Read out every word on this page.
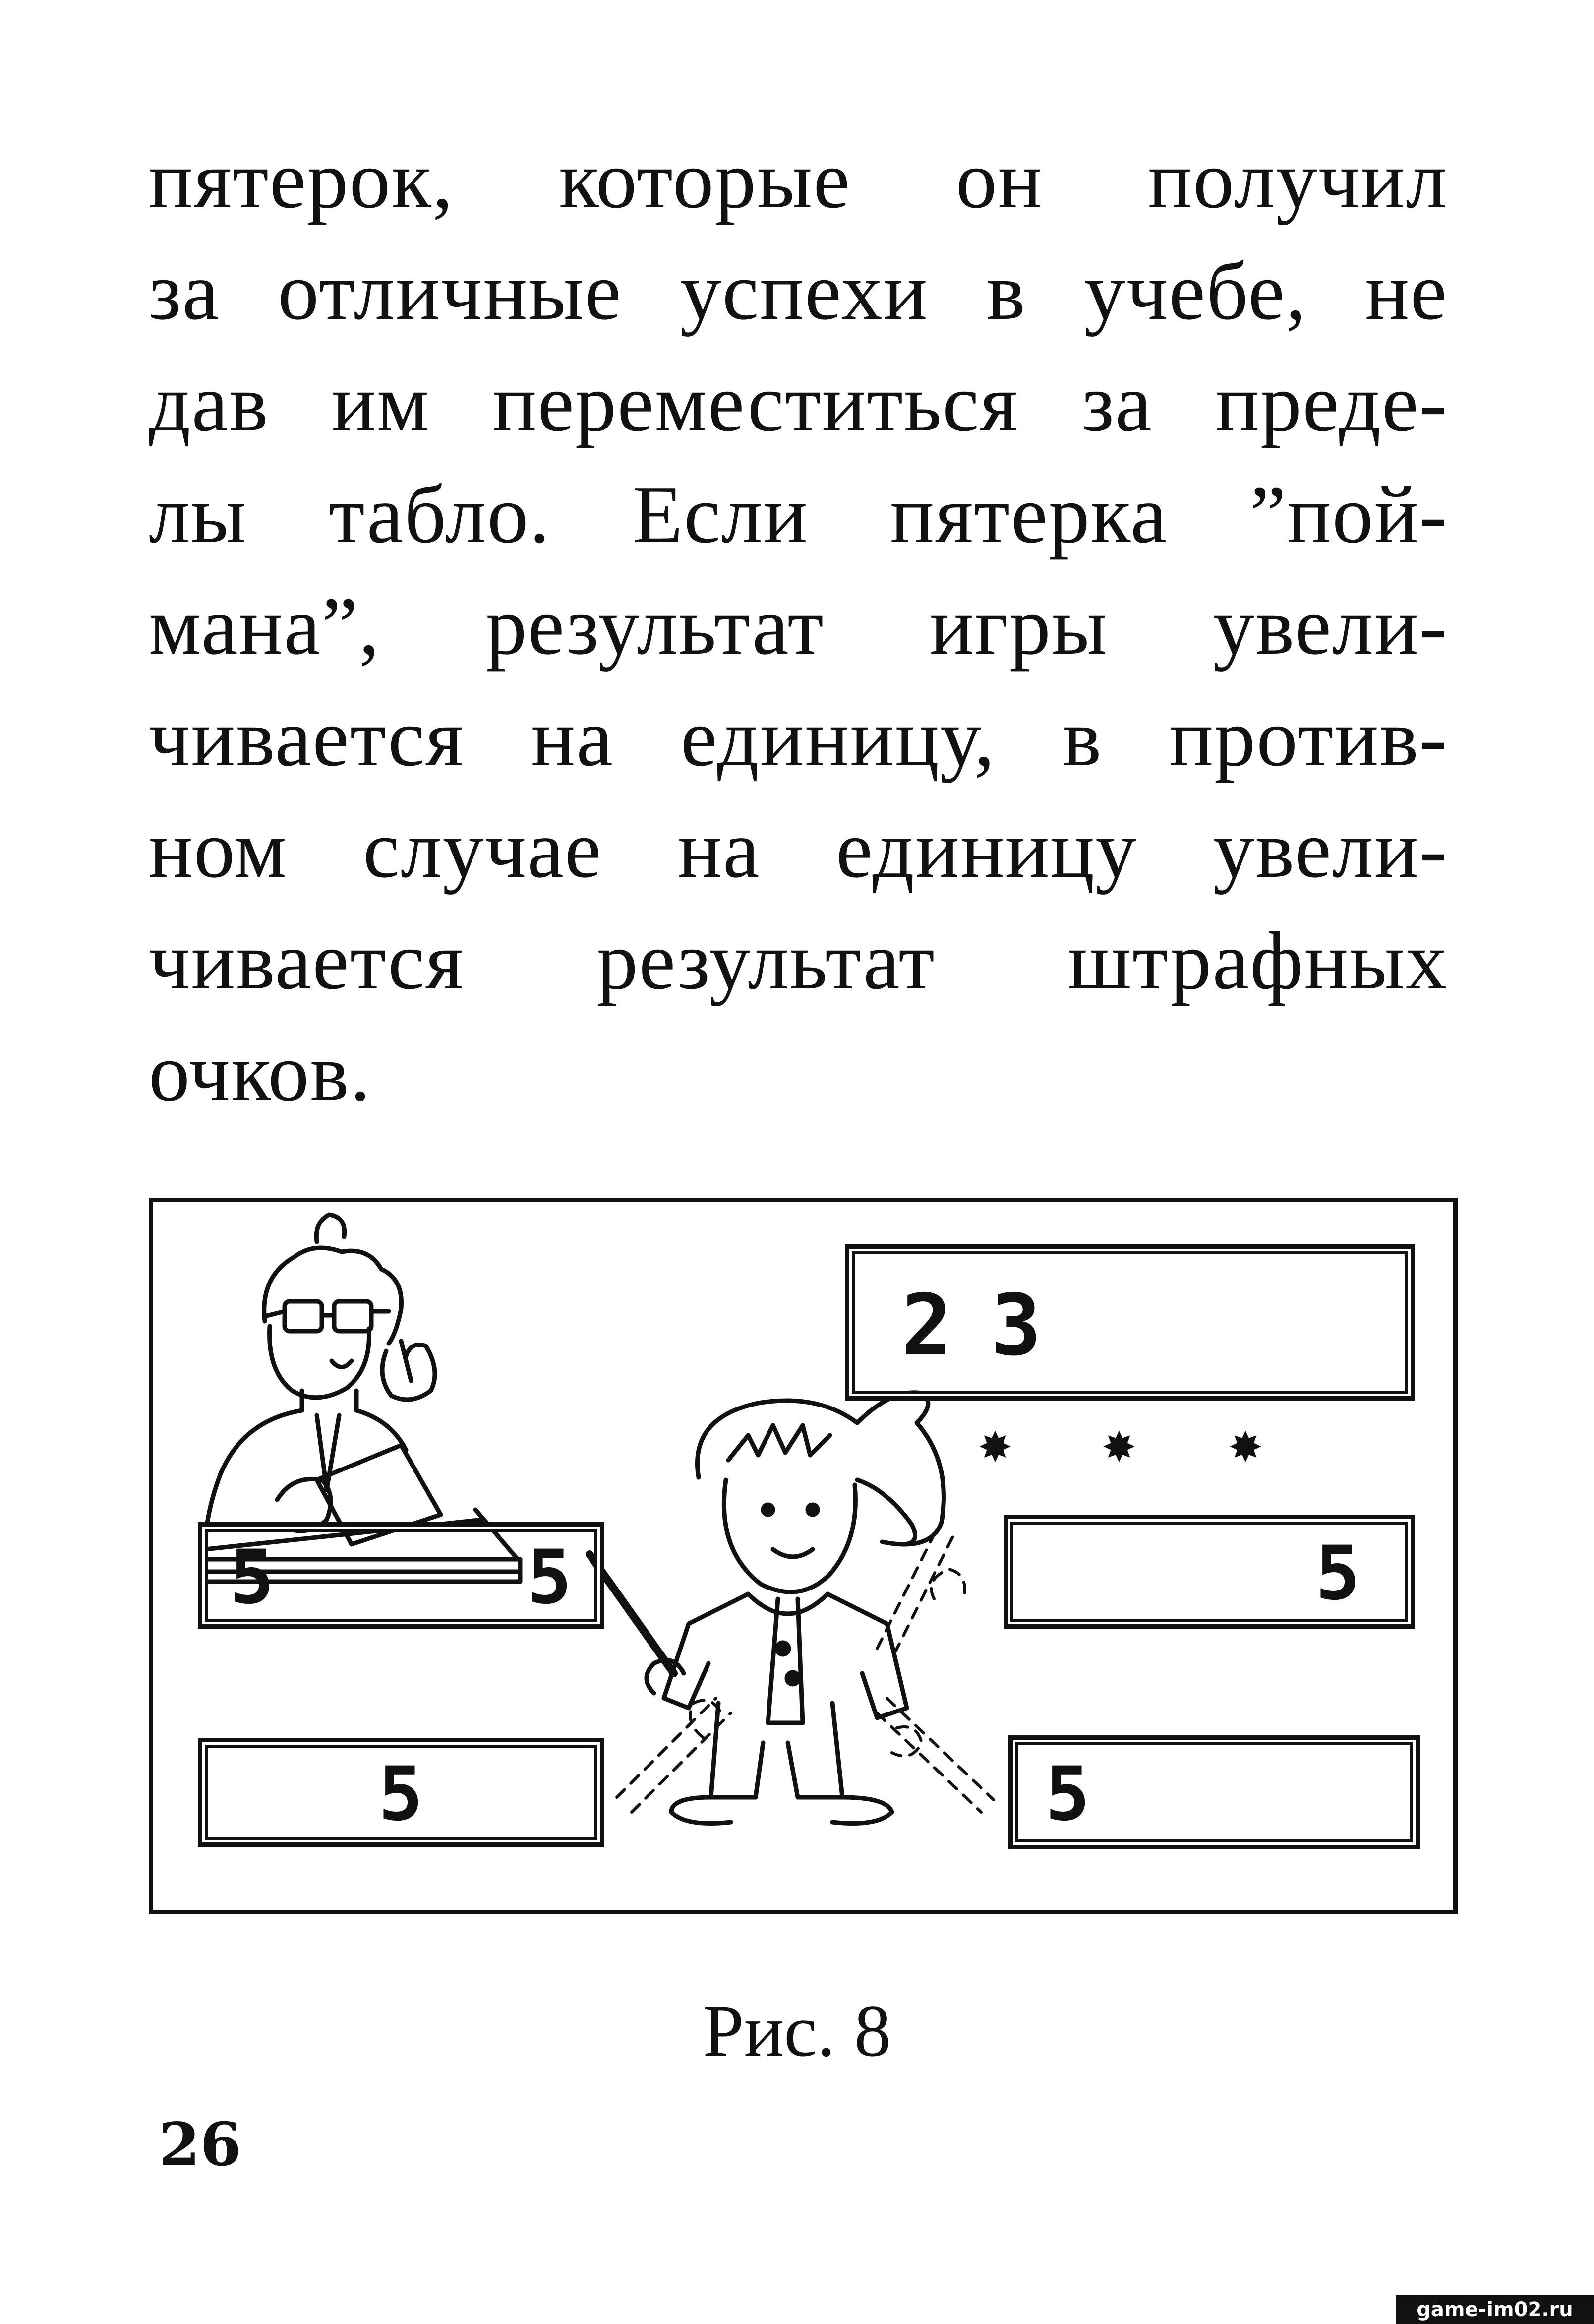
пятерок, которые он получил
за отличные успехи в учебе, не
дав им переместиться за преде-
лы табло. Если пятерка ”пой-
мана”, результат игры увели-
чивается на единицу, в против-
ном случае на единицу увели-
чивается результат штрафных
очков.
2 3
✸ ✸ ✸
5	5
5
5
5
Рис. 8
26
game-im02.ru
